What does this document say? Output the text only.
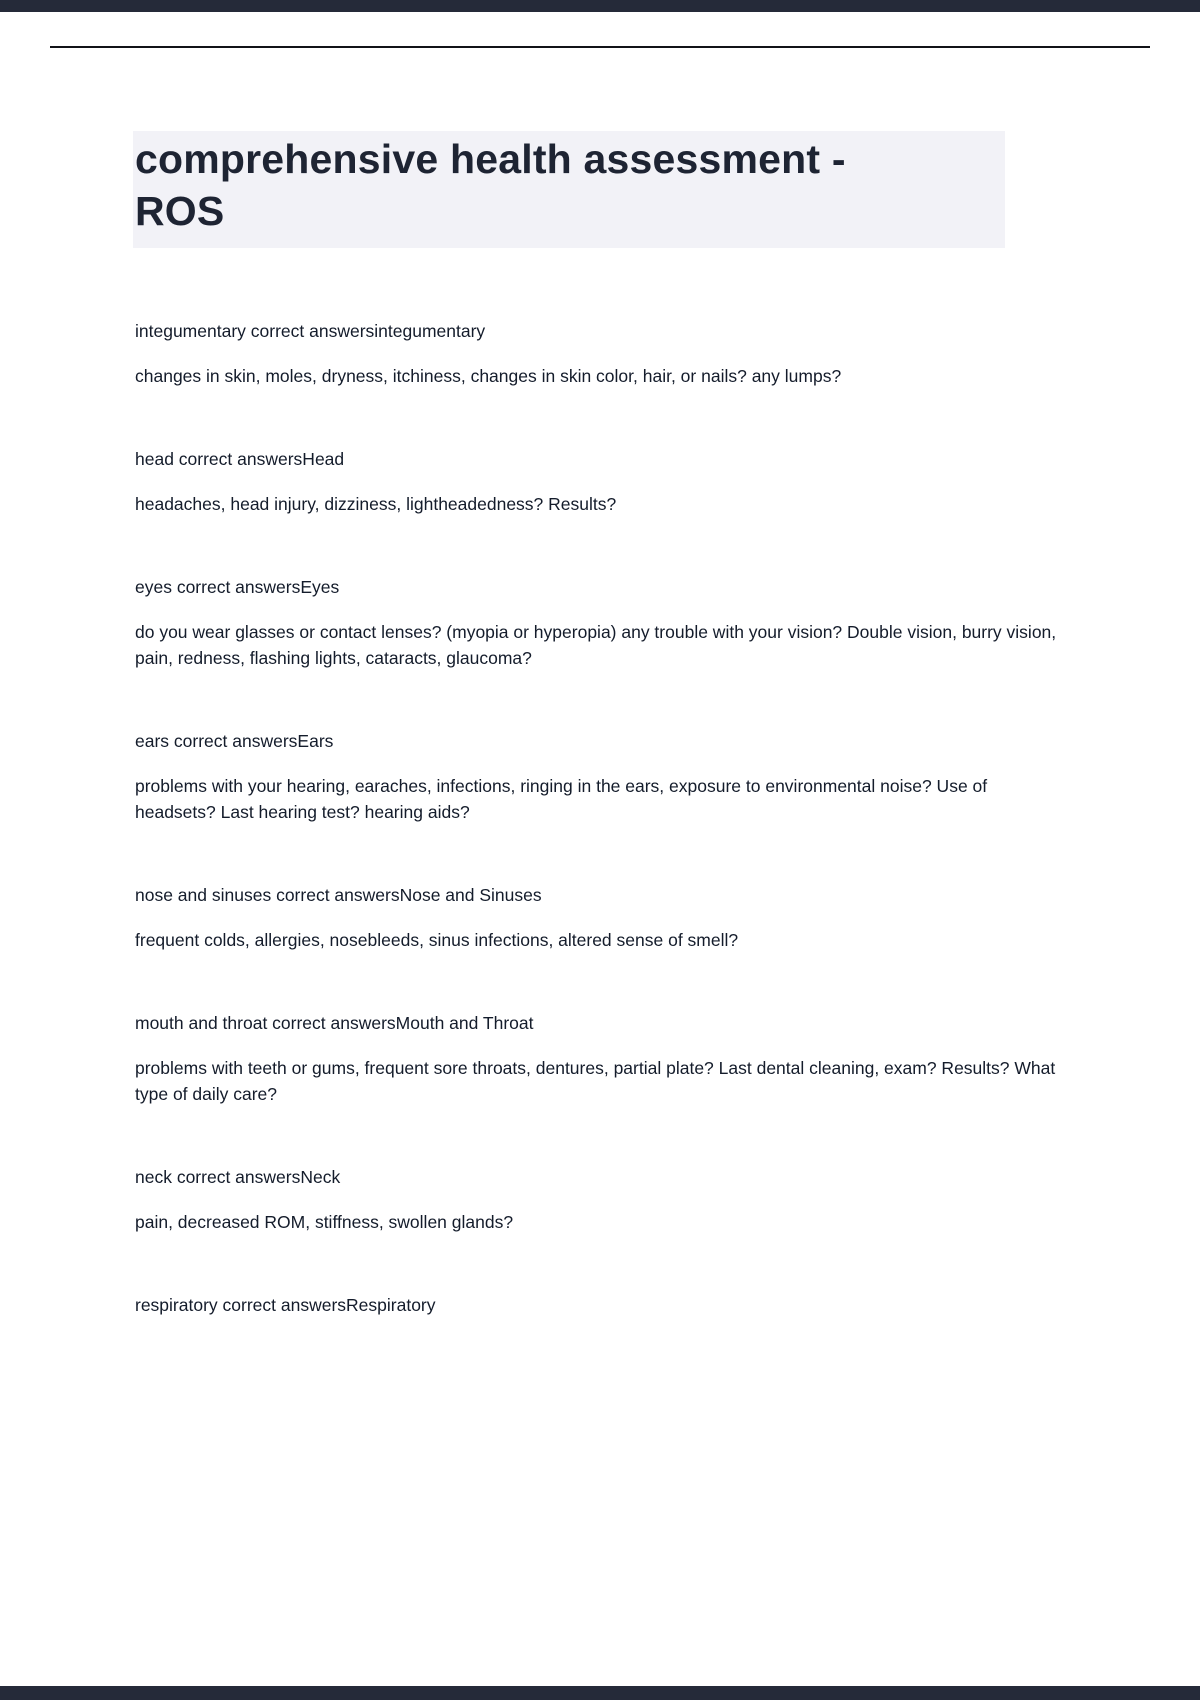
comprehensive health assessment -
ROS

integumentary correct answersintegumentary

changes in skin, moles, dryness, itchiness, changes in skin color, hair, or nails? any lumps?

head correct answersHead

headaches, head injury, dizziness, lightheadedness? Results?

eyes correct answersEyes

do you wear glasses or contact lenses? (myopia or hyperopia) any trouble with your vision? Double vision, burry vision, pain, redness, flashing lights, cataracts, glaucoma?

ears correct answersEars

problems with your hearing, earaches, infections, ringing in the ears, exposure to environmental noise? Use of headsets? Last hearing test? hearing aids?

nose and sinuses correct answersNose and Sinuses

frequent colds, allergies, nosebleeds, sinus infections, altered sense of smell?

mouth and throat correct answersMouth and Throat

problems with teeth or gums, frequent sore throats, dentures, partial plate? Last dental cleaning, exam? Results? What type of daily care?

neck correct answersNeck

pain, decreased ROM, stiffness, swollen glands?

respiratory correct answersRespiratory
